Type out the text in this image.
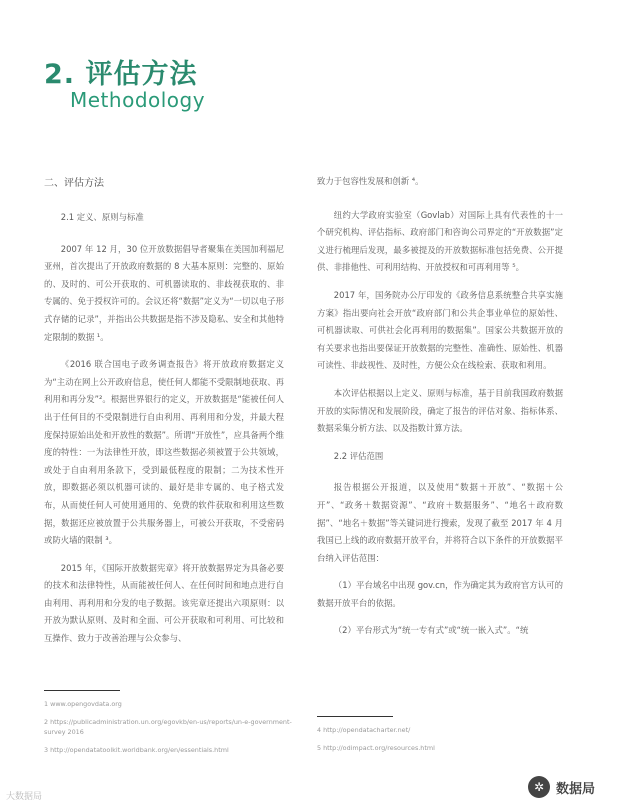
2. 评估方法
Methodology
二、评估方法
2.1 定义、原则与标准

2007 年 12 月，30 位开放数据倡导者聚集在美国加利福尼亚州，首次提出了开放政府数据的 8 大基本原则：完整的、原始的、及时的、可公开获取的、可机器读取的、非歧视获取的、非专属的、免于授权许可的。会议还将“数据”定义为“一切以电子形式存储的记录”，并指出公共数据是指不涉及隐私、安全和其他特定限制的数据 ¹。

《2016 联合国电子政务调查报告》将开放政府数据定义为“主动在网上公开政府信息，使任何人都能不受限制地获取、再利用和再分发”²。根据世界银行的定义，开放数据是“能被任何人出于任何目的不受限制进行自由利用、再利用和分发，并最大程度保持原始出处和开放性的数据”。所谓“开放性”，应具备两个维度的特性：一为法律性开放，即这些数据必须被置于公共领域，或处于自由利用条款下，受到最低程度的限制；二为技术性开放，即数据必须以机器可读的、最好是非专属的、电子格式发布，从而使任何人可使用通用的、免费的软件获取和利用这些数据，数据还应被放置于公共服务器上，可被公开获取，不受密码或防火墙的限制 ³。

2015 年，《国际开放数据宪章》将开放数据界定为具备必要的技术和法律特性，从而能被任何人、在任何时间和地点进行自由利用、再利用和分发的电子数据。该宪章还提出六项原则：以开放为默认原则、及时和全面、可公开获取和可利用、可比较和互操作、致力于改善治理与公众参与、

1 www.opengovdata.org
2 https://publicadministration.un.org/egovkb/en-us/reports/un-e-government-survey 2016
3 http://opendatatoolkit.worldbank.org/en/essentials.html

致力于包容性发展和创新 ⁴。

纽约大学政府实验室（Govlab）对国际上具有代表性的十一个研究机构、评估指标、政府部门和咨询公司界定的“开放数据”定义进行梳理后发现，最多被提及的开放数据标准包括免费、公开提供、非排他性、可利用结构、开放授权和可再利用等 ⁵。

2017 年，国务院办公厅印发的《政务信息系统整合共享实施方案》指出要向社会开放“政府部门和公共企事业单位的原始性、可机器读取、可供社会化再利用的数据集”。国家公共数据开放的有关要求也指出要保证开放数据的完整性、准确性、原始性、机器可读性、非歧视性、及时性，方便公众在线检索、获取和利用。

本次评估根据以上定义、原则与标准，基于目前我国政府数据开放的实际情况和发展阶段，确定了报告的评估对象、指标体系、数据采集分析方法、以及指数计算方法。

2.2 评估范围

报告根据公开报道，以及使用“数据＋开放”、“数据＋公开”、“政务＋数据资源”、“政府＋数据服务”、“地名＋政府数据”、“地名＋数据”等关键词进行搜索，发现了截至 2017 年 4 月我国已上线的政府数据开放平台，并将符合以下条件的开放数据平台纳入评估范围：

（1）平台域名中出现 gov.cn，作为确定其为政府官方认可的数据开放平台的依据。

（2）平台形式为“统一专有式”或“统一嵌入式”。“统

4 http://opendatacharter.net/
5 http://odimpact.org/resources.html
大数据局
✲ 数据局
